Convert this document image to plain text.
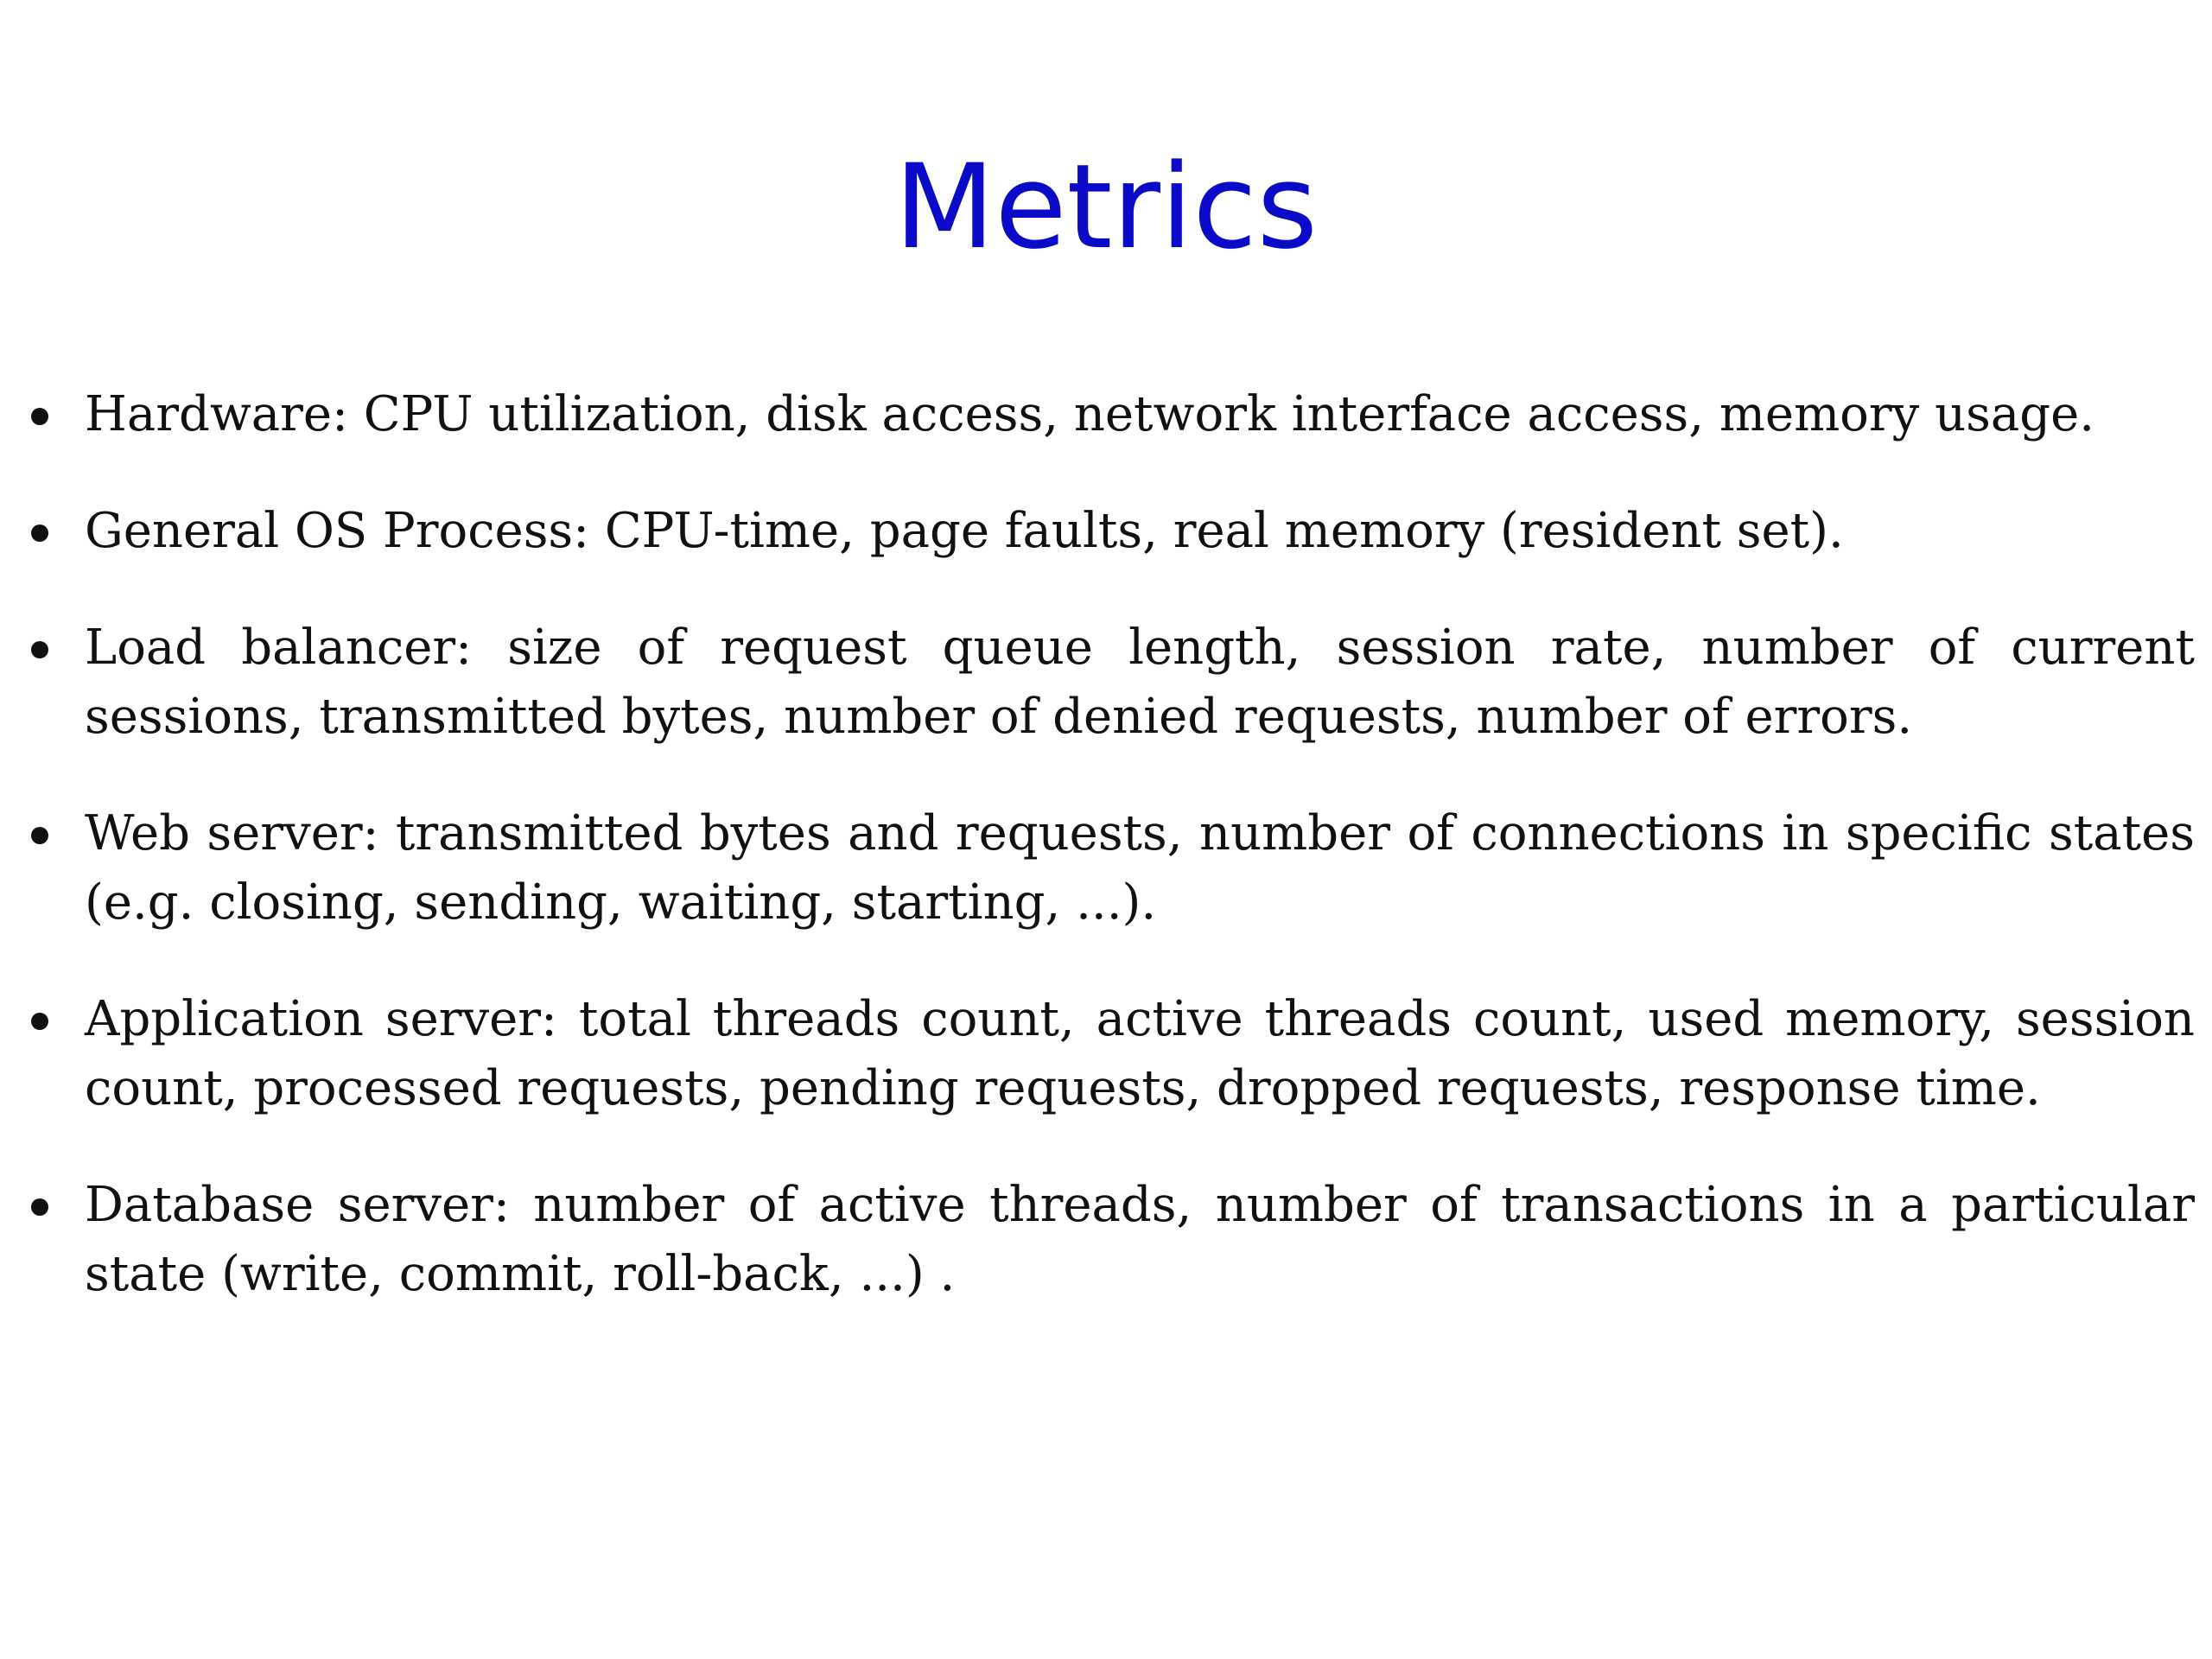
Metrics
Hardware: CPU utilization, disk access, network interface access, memory usage.
General OS Process: CPU-time, page faults, real memory (resident set).
Load balancer: size of request queue length, session rate, number of current sessions, transmitted bytes, number of denied requests, number of errors.
Web server: transmitted bytes and requests, number of connections in specific states (e.g. closing, sending, waiting, starting, ...).
Application server: total threads count, active threads count, used memory, session count, processed requests, pending requests, dropped requests, response time.
Database server: number of active threads, number of transactions in a particular state (write, commit, roll-back, ...) .
